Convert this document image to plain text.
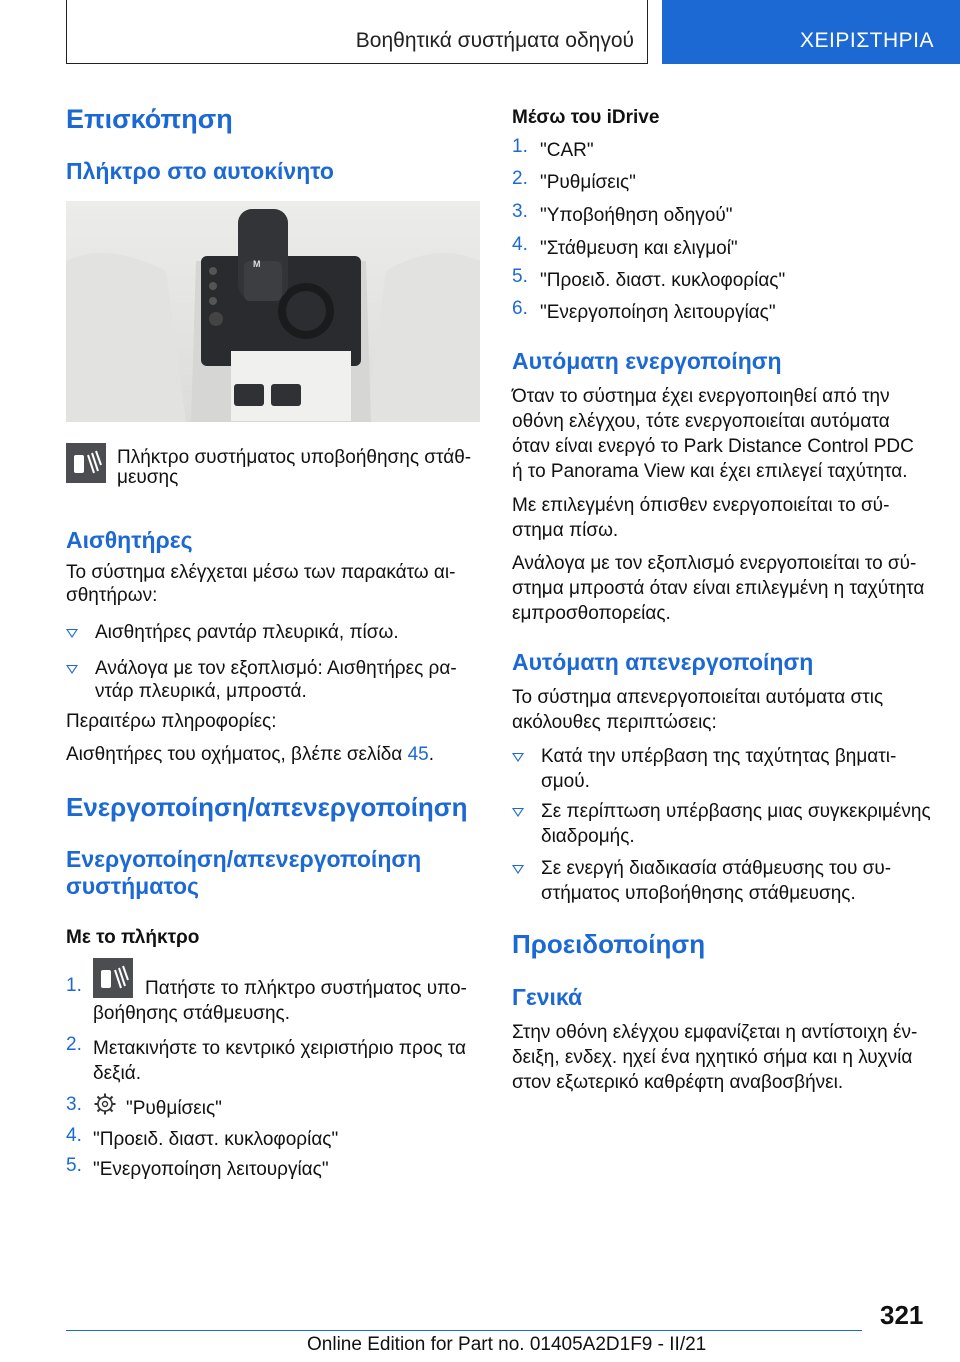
Βοηθητικά συστήματα οδηγού	ΧΕΙΡΙΣΤΗΡΙΑ
Επισκόπηση
Πλήκτρο στο αυτοκίνητο
M

Πλήκτρο συστήματος υποβοήθησης στάθ-

μευσης

Αισθητήρες

Το σύστημα ελέγχεται μέσω των παρακάτω αι-

σθητήρων:

Αισθητήρες ραντάρ πλευρικά, πίσω.

Ανάλογα με τον εξοπλισμό: Αισθητήρες ρα-

ντάρ πλευρικά, μπροστά.

Περαιτέρω πληροφορίες:

Αισθητήρες του οχήματος, βλέπε σελίδα 45.

Ενεργοποίηση/απενεργοποίηση
Ενεργοποίηση/απενεργοποίηση
συστήματος

Με το πλήκτρο

1.	Πατήστε το πλήκτρο συστήματος υπο-

βοήθησης στάθμευσης.

2. Μετακινήστε το κεντρικό χειριστήριο προς τα

δεξιά.

3. "Ρυθμίσεις"

4. "Προειδ. διαστ. κυκλοφορίας"

5. "Ενεργοποίηση λειτουργίας"

Μέσω του iDrive

1. "CAR"

2. "Ρυθμίσεις"

3. "Υποβοήθηση οδηγού"

4. "Στάθμευση και ελιγμοί"

5. "Προειδ. διαστ. κυκλοφορίας"

6. "Ενεργοποίηση λειτουργίας"

Αυτόματη ενεργοποίηση

Όταν το σύστημα έχει ενεργοποιηθεί από την

οθόνη ελέγχου, τότε ενεργοποιείται αυτόματα

όταν είναι ενεργό το Park Distance Control PDC

ή το Panorama View και έχει επιλεγεί ταχύτητα.

Με επιλεγμένη όπισθεν ενεργοποιείται το σύ-

στημα πίσω.

Ανάλογα με τον εξοπλισμό ενεργοποιείται το σύ-

στημα μπροστά όταν είναι επιλεγμένη η ταχύτητα

εμπροσθοπορείας.

Αυτόματη απενεργοποίηση

Το σύστημα απενεργοποιείται αυτόματα στις

ακόλουθες περιπτώσεις:

Κατά την υπέρβαση της ταχύτητας βηματι-

σμού.

Σε περίπτωση υπέρβασης μιας συγκεκριμένης

διαδρομής.

Σε ενεργή διαδικασία στάθμευσης του συ-

στήματος υποβοήθησης στάθμευσης.

Προειδοποίηση
Γενικά

Στην οθόνη ελέγχου εμφανίζεται η αντίστοιχη έν-

δειξη, ενδεχ. ηχεί ένα ηχητικό σήμα και η λυχνία

στον εξωτερικό καθρέφτη αναβοσβήνει.

321
Online Edition for Part no. 01405A2D1F9 - II/21
